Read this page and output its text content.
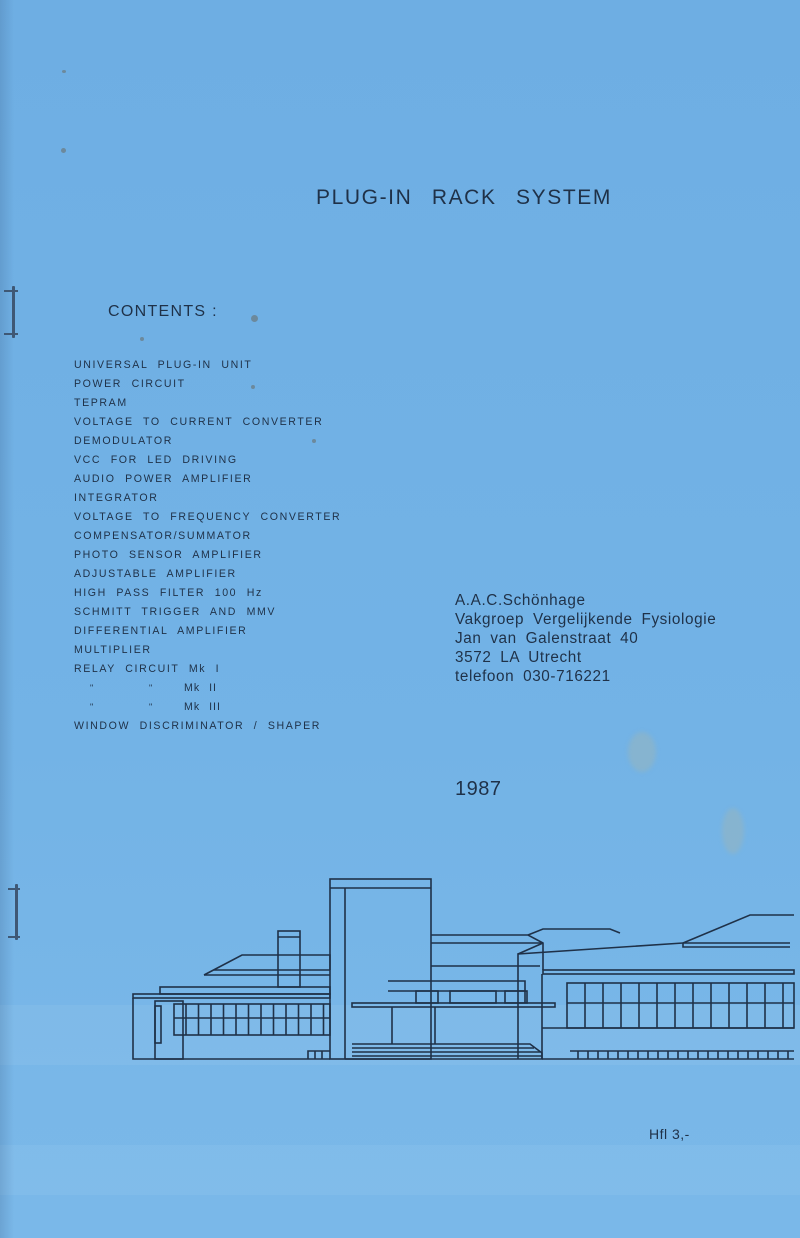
PLUG-IN RACK SYSTEM
CONTENTS :
UNIVERSAL PLUG-IN UNIT
POWER CIRCUIT
TEPRAM
VOLTAGE TO CURRENT CONVERTER
DEMODULATOR
VCC FOR LED DRIVING
AUDIO POWER AMPLIFIER
INTEGRATOR
VOLTAGE TO FREQUENCY CONVERTER
COMPENSATOR/SUMMATOR
PHOTO SENSOR AMPLIFIER
ADJUSTABLE AMPLIFIER
HIGH PASS FILTER 100 Hz
SCHMITT TRIGGER AND MMV
DIFFERENTIAL AMPLIFIER
MULTIPLIER
RELAY CIRCUIT Mk I
"	"	Mk II
"	"	Mk III
WINDOW DISCRIMINATOR / SHAPER
A.A.C.Schönhage
Vakgroep Vergelijkende Fysiologie
Jan van Galenstraat 40
3572 LA Utrecht
telefoon 030-716221
1987
Hfl 3,-
